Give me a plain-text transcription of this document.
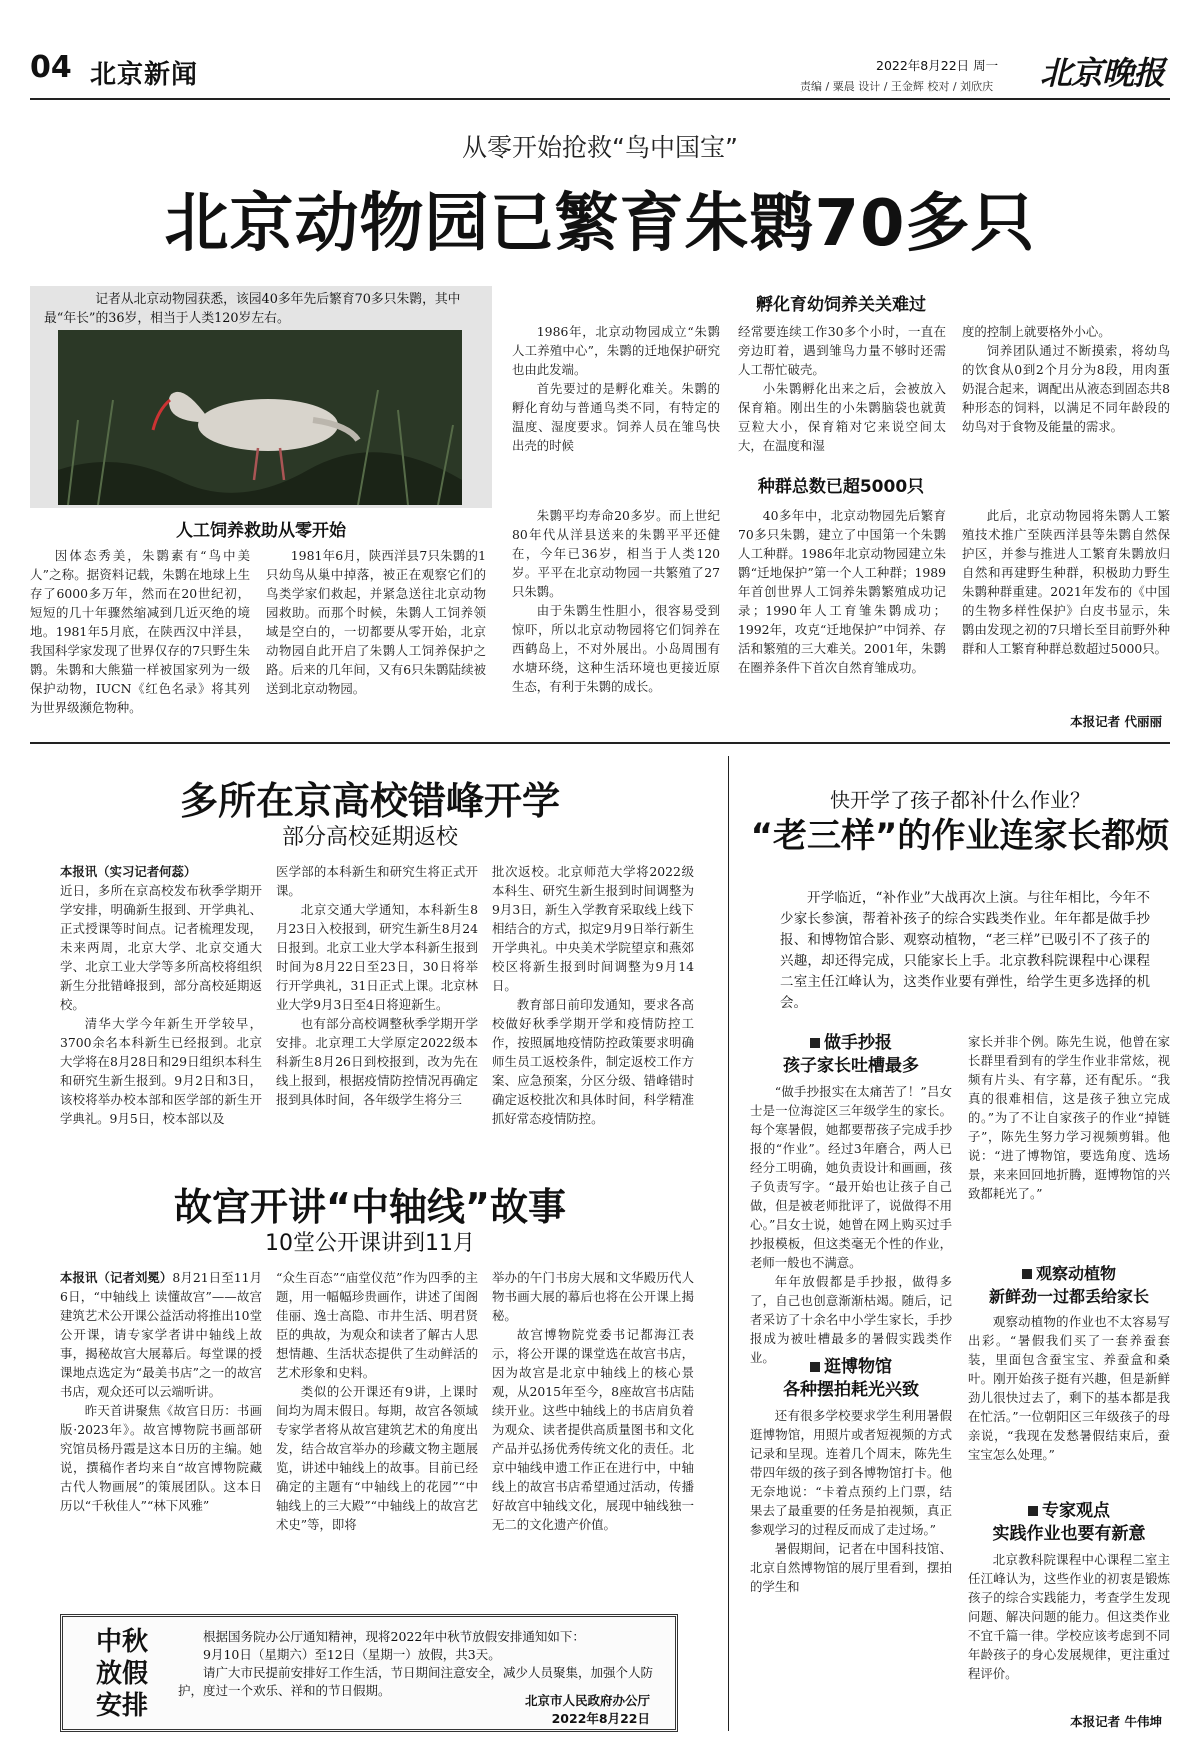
04 北京新闻	2022年8月22日 周一
责编 / 粟晨 设计 / 王金辉 校对 / 刘欣庆 北京晚报
从零开始抢救“鸟中国宝”
北京动物园已繁育朱鹮70多只
记者从北京动物园获悉，该园40多年先后繁育70多只朱鹮，其中最“年长”的36岁，相当于人类120岁左右。
人工饲养救助从零开始

因体态秀美，朱鹮素有“鸟中美人”之称。据资料记载，朱鹮在地球上生存了6000多万年，然而在20世纪初，短短的几十年骤然缩减到几近灭绝的境地。1981年5月底，在陕西汉中洋县，我国科学家发现了世界仅存的7只野生朱鹮。朱鹮和大熊猫一样被国家列为一级保护动物，IUCN《红色名录》将其列为世界级濒危物种。

1981年6月，陕西洋县7只朱鹮的1只幼鸟从巢中掉落，被正在观察它们的鸟类学家们救起，并紧急送往北京动物园救助。而那个时候，朱鹮人工饲养领域是空白的，一切都要从零开始，北京动物园自此开启了朱鹮人工饲养保护之路。后来的几年间，又有6只朱鹮陆续被送到北京动物园。

1986年，北京动物园成立“朱鹮人工养殖中心”，朱鹮的迁地保护研究也由此发端。

首先要过的是孵化难关。朱鹮的孵化育幼与普通鸟类不同，有特定的温度、湿度要求。饲养人员在雏鸟快出壳的时候

朱鹮平均寿命20多岁。而上世纪80年代从洋县送来的朱鹮平平还健在，今年已36岁，相当于人类120岁。平平在北京动物园一共繁殖了27只朱鹮。

由于朱鹮生性胆小，很容易受到惊吓，所以北京动物园将它们饲养在西鹤岛上，不对外展出。小岛周围有水塘环绕，这种生活环境也更接近原生态，有利于朱鹮的成长。

孵化育幼饲养关关难过

经常要连续工作30多个小时，一直在旁边盯着，遇到雏鸟力量不够时还需人工帮忙破壳。

小朱鹮孵化出来之后，会被放入保育箱。刚出生的小朱鹮脑袋也就黄豆粒大小，保育箱对它来说空间太大，在温度和湿

种群总数已超5000只

40多年中，北京动物园先后繁育70多只朱鹮，建立了中国第一个朱鹮人工种群。1986年北京动物园建立朱鹮“迁地保护”第一个人工种群；1989年首创世界人工饲养朱鹮繁殖成功记录；1990年人工育雏朱鹮成功；1992年，攻克“迁地保护”中饲养、存活和繁殖的三大难关。2001年，朱鹮在圈养条件下首次自然育雏成功。

度的控制上就要格外小心。

饲养团队通过不断摸索，将幼鸟的饮食从0到2个月分为8段，用肉蛋奶混合起来，调配出从液态到固态共8种形态的饲料，以满足不同年龄段的幼鸟对于食物及能量的需求。

此后，北京动物园将朱鹮人工繁殖技术推广至陕西洋县等朱鹮自然保护区，并参与推进人工繁育朱鹮放归自然和再建野生种群，积极助力野生朱鹮种群重建。2021年发布的《中国的生物多样性保护》白皮书显示，朱鹮由发现之初的7只增长至目前野外种群和人工繁育种群总数超过5000只。

本报记者 代丽丽
多所在京高校错峰开学
部分高校延期返校

本报讯（实习记者何蕊）

近日，多所在京高校发布秋季学期开学安排，明确新生报到、开学典礼、正式授课等时间点。记者梳理发现，未来两周，北京大学、北京交通大学、北京工业大学等多所高校将组织新生分批错峰报到，部分高校延期返校。

清华大学今年新生开学较早，3700余名本科新生已经报到。北京大学将在8月28日和29日组织本科生和研究生新生报到。9月2日和3日，该校将举办校本部和医学部的新生开学典礼。9月5日，校本部以及

医学部的本科新生和研究生将正式开课。

北京交通大学通知，本科新生8月23日入校报到，研究生新生8月24日报到。北京工业大学本科新生报到时间为8月22日至23日，30日将举行开学典礼，31日正式上课。北京林业大学9月3日至4日将迎新生。

也有部分高校调整秋季学期开学安排。北京理工大学原定2022级本科新生8月26日到校报到，改为先在线上报到，根据疫情防控情况再确定报到具体时间，各年级学生将分三

批次返校。北京师范大学将2022级本科生、研究生新生报到时间调整为9月3日，新生入学教育采取线上线下相结合的方式，拟定9月9日举行新生开学典礼。中央美术学院望京和燕郊校区将新生报到时间调整为9月14日。

教育部日前印发通知，要求各高校做好秋季学期开学和疫情防控工作，按照属地疫情防控政策要求明确师生员工返校条件，制定返校工作方案、应急预案，分区分级、错峰错时确定返校批次和具体时间，科学精准抓好常态疫情防控。

故宫开讲“中轴线”故事
10堂公开课讲到11月

本报讯（记者刘冕）8月21日至11月6日，“中轴线上 读懂故宫”——故宫建筑艺术公开课公益活动将推出10堂公开课，请专家学者讲中轴线上故事，揭秘故宫大展幕后。每堂课的授课地点选定为“最美书店”之一的故宫书店，观众还可以云端听讲。

昨天首讲聚焦《故宫日历：书画版·2023年》。故宫博物院书画部研究馆员杨丹霞是这本日历的主编。她说，撰稿作者均来自“故宫博物院藏古代人物画展”的策展团队。这本日历以“千秋佳人”“林下风雅”

“众生百态”“庙堂仪范”作为四季的主题，用一幅幅珍贵画作，讲述了闺阁佳丽、逸士高隐、市井生活、明君贤臣的典故，为观众和读者了解古人思想情趣、生活状态提供了生动鲜活的艺术形象和史料。

类似的公开课还有9讲，上课时间均为周末假日。每期，故宫各领域专家学者将从故宫建筑艺术的角度出发，结合故宫举办的珍藏文物主题展览，讲述中轴线上的故事。目前已经确定的主题有“中轴线上的花园”“中轴线上的三大殿”“中轴线上的故宫艺术史”等，即将

举办的午门书房大展和文华殿历代人物书画大展的幕后也将在公开课上揭秘。

故宫博物院党委书记都海江表示，将公开课的课堂选在故宫书店，因为故宫是北京中轴线上的核心景观，从2015年至今，8座故宫书店陆续开业。这些中轴线上的书店肩负着为观众、读者提供高质量图书和文化产品并弘扬优秀传统文化的责任。北京中轴线申遗工作正在进行中，中轴线上的故宫书店希望通过活动，传播好故宫中轴线文化，展现中轴线独一无二的文化遗产价值。

中秋
放假
安排

根据国务院办公厅通知精神，现将2022年中秋节放假安排通知如下：

9月10日（星期六）至12日（星期一）放假，共3天。

请广大市民提前安排好工作生活，节日期间注意安全，减少人员聚集，加强个人防护，度过一个欢乐、祥和的节日假期。

北京市人民政府办公厅
2022年8月22日
快开学了孩子都补什么作业？
“老三样”的作业连家长都烦
开学临近，“补作业”大战再次上演。与往年相比，今年不少家长参演，帮着补孩子的综合实践类作业。年年都是做手抄报、和博物馆合影、观察动植物，“老三样”已吸引不了孩子的兴趣，却还得完成，只能家长上手。北京教科院课程中心课程二室主任江峰认为，这类作业要有弹性，给学生更多选择的机会。
做手抄报
孩子家长吐槽最多

“做手抄报实在太痛苦了！”吕女士是一位海淀区三年级学生的家长。每个寒暑假，她都要帮孩子完成手抄报的“作业”。经过3年磨合，两人已经分工明确，她负责设计和画画，孩子负责写字。“最开始也让孩子自己做，但是被老师批评了，说做得不用心。”吕女士说，她曾在网上购买过手抄报模板，但这类毫无个性的作业，老师一般也不满意。

年年放假都是手抄报，做得多了，自己也创意渐渐枯竭。随后，记者采访了十余名中小学生家长，手抄报成为被吐槽最多的暑假实践类作业。	逛博物馆
各种摆拍耗光兴致

还有很多学校要求学生利用暑假逛博物馆，用照片或者短视频的方式记录和呈现。连着几个周末，陈先生带四年级的孩子到各博物馆打卡。他无奈地说：“卡着点预约上门票，结果去了最重要的任务是拍视频，真正参观学习的过程反而成了走过场。”

暑假期间，记者在中国科技馆、北京自然博物馆的展厅里看到，摆拍的学生和

家长并非个例。陈先生说，他曾在家长群里看到有的学生作业非常炫，视频有片头、有字幕，还有配乐。“我真的很难相信，这是孩子独立完成的。”为了不让自家孩子的作业“掉链子”，陈先生努力学习视频剪辑。他说：“进了博物馆，要选角度、选场景，来来回回地折腾，逛博物馆的兴致都耗光了。”

观察动植物
新鲜劲一过都丢给家长

观察动植物的作业也不太容易写出彩。“暑假我们买了一套养蚕套装，里面包含蚕宝宝、养蚕盒和桑叶。刚开始孩子挺有兴趣，但是新鲜劲儿很快过去了，剩下的基本都是我在忙活。”一位朝阳区三年级孩子的母亲说，“我现在发愁暑假结束后，蚕宝宝怎么处理。”

专家观点
实践作业也要有新意

北京教科院课程中心课程二室主任江峰认为，这些作业的初衷是锻炼孩子的综合实践能力，考查学生发现问题、解决问题的能力。但这类作业不宜千篇一律。学校应该考虑到不同年龄孩子的身心发展规律，更注重过程评价。

本报记者 牛伟坤
